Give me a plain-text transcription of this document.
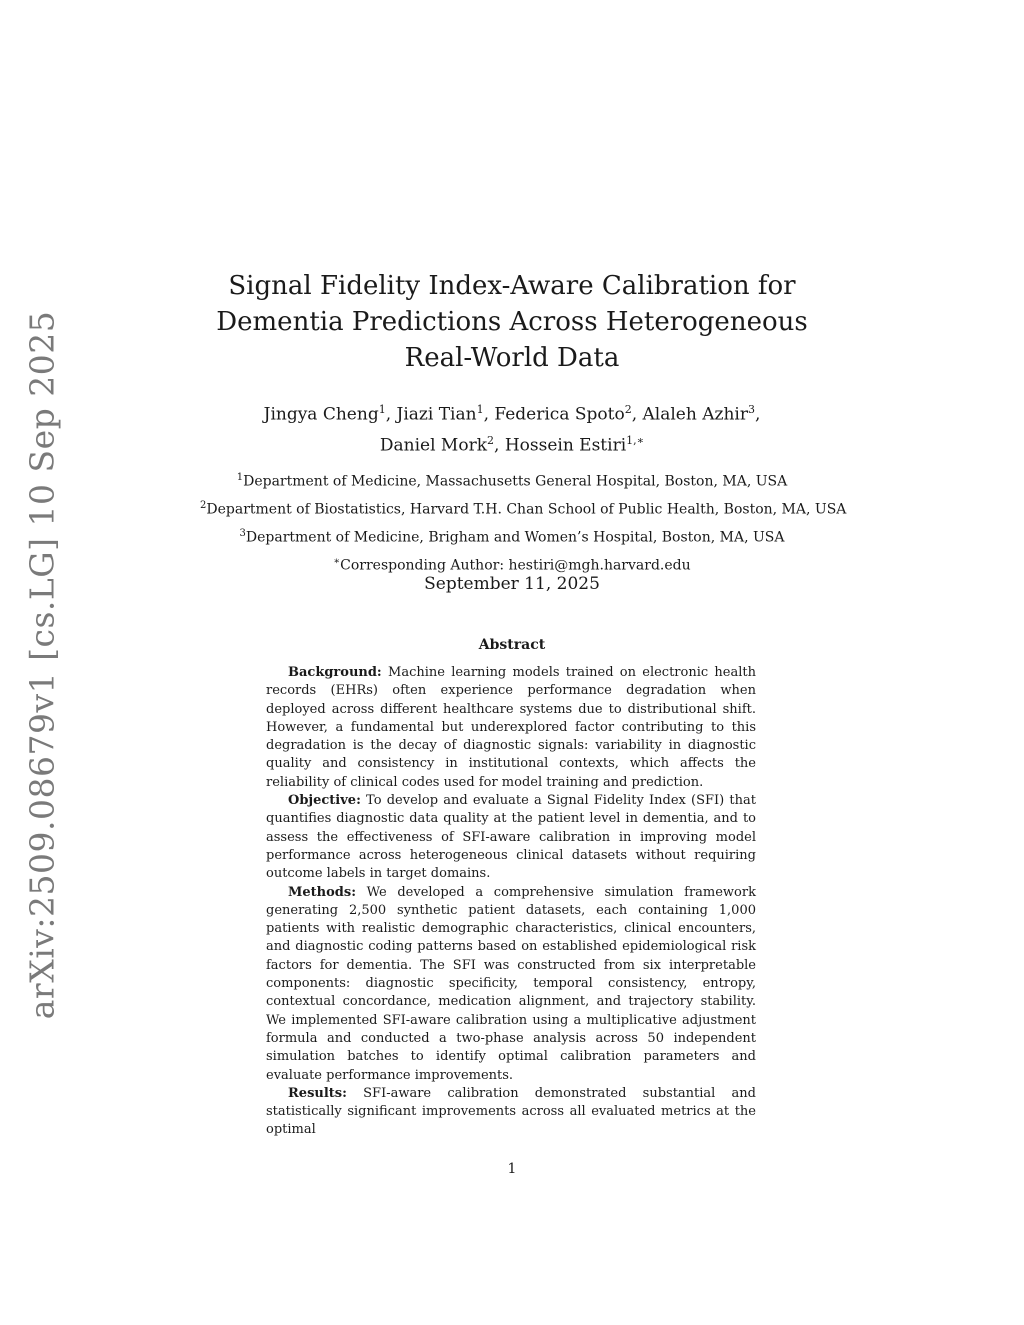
arXiv:2509.08679v1 [cs.LG] 10 Sep 2025
Signal Fidelity Index-Aware Calibration for
Dementia Predictions Across Heterogeneous
Real-World Data
Jingya Cheng$^1$, Jiazi Tian$^1$, Federica Spoto$^2$, Alaleh Azhir$^3$,
Daniel Mork$^2$, Hossein Estiri$^{1,∗}$
$^1$Department of Medicine, Massachusetts General Hospital, Boston, MA, USA
$^2$Department of Biostatistics, Harvard T.H. Chan School of Public Health, Boston, MA, USA
$^3$Department of Medicine, Brigham and Women’s Hospital, Boston, MA, USA
∗Corresponding Author: hestiri@mgh.harvard.edu
September 11, 2025
Abstract

Background: Machine learning models trained on electronic health records (EHRs) often experience performance degradation when deployed across different healthcare systems due to distributional shift. However, a fundamental but underexplored factor contributing to this degradation is the decay of diagnostic signals: variability in diagnostic quality and consistency in institutional contexts, which affects the reliability of clinical codes used for model training and prediction.

Objective: To develop and evaluate a Signal Fidelity Index (SFI) that quantifies diagnostic data quality at the patient level in dementia, and to assess the effectiveness of SFI-aware calibration in improving model performance across heterogeneous clinical datasets without requiring outcome labels in target domains.

Methods: We developed a comprehensive simulation framework generating 2,500 synthetic patient datasets, each containing 1,000 patients with realistic demographic characteristics, clinical encounters, and diagnostic coding patterns based on established epidemiological risk factors for dementia. The SFI was constructed from six interpretable components: diagnostic specificity, temporal consistency, entropy, contextual concordance, medication alignment, and trajectory stability. We implemented SFI-aware calibration using a multiplicative adjustment formula and conducted a two-phase analysis across 50 independent simulation batches to identify optimal calibration parameters and evaluate performance improvements.

Results: SFI-aware calibration demonstrated substantial and statistically significant improvements across all evaluated metrics at the optimal

1
